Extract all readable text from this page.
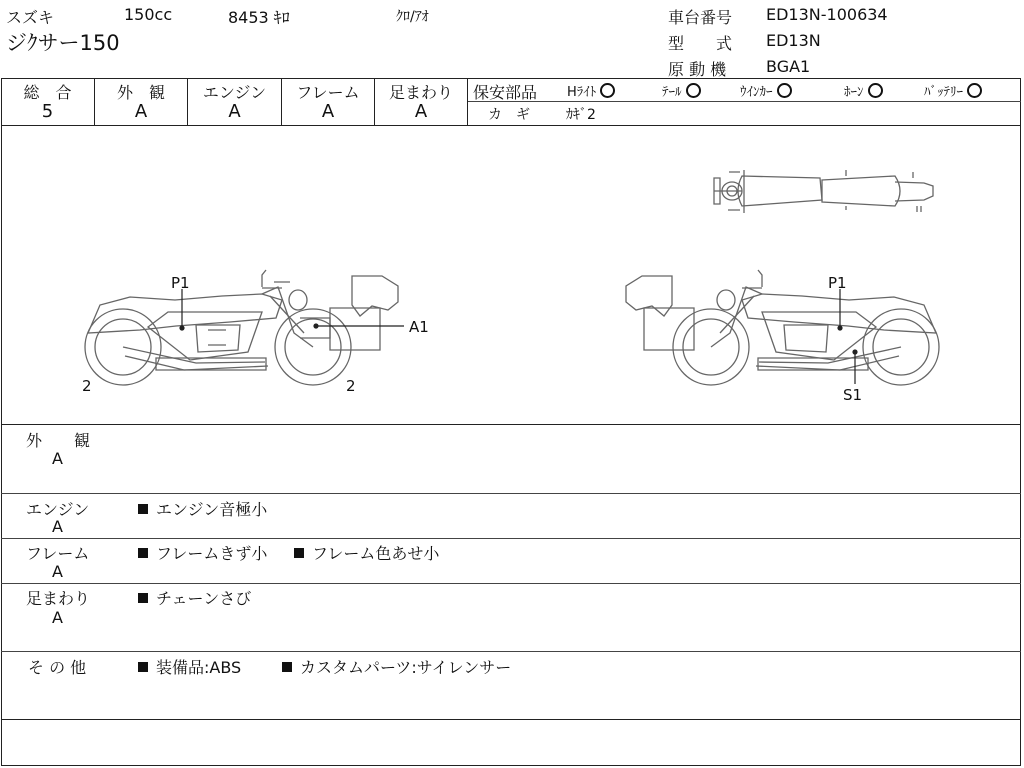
スズキ	150cc	8453 ｷﾛ	ｸﾛ/ｱｵ
ジｸサー150
車台番号 ED13N-100634
型　　式 ED13N
原 動 機 BGA1
総　合
5
外　観
A
エンジン
A
フレーム
A
足まわり
A
保安部品 Hﾗｲﾄ	ﾃｰﾙ	ｳｲﾝｶｰ	ﾎｰﾝ	ﾊﾞｯﾃﾘｰ
カ　ギ	ｶｷﾞ2
P1
A1
2	2
P1
S1
外　　観
A
エンジン
A
エンジン音極小
フレーム
A
フレームきず小	フレーム色あせ小
足まわり
A
チェーンさび
そ の 他	装備品:ABS	カスタムパーツ:サイレンサー
